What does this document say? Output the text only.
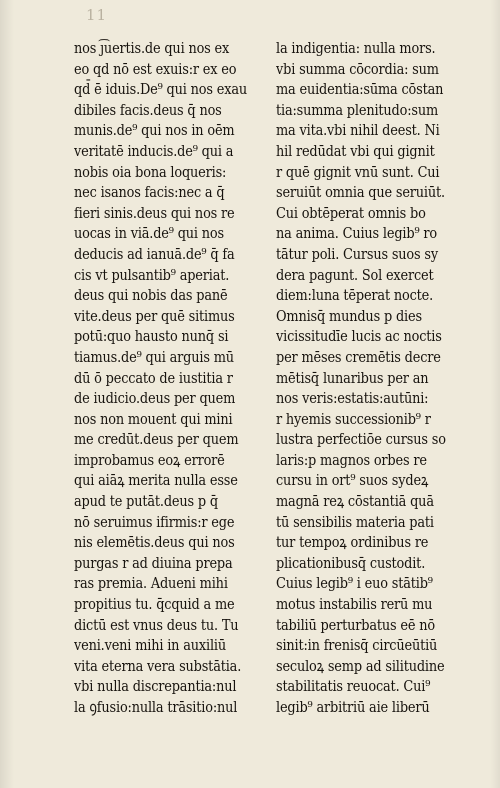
11
nos ȷ͡uertis.de qui nos ex
eo qd nō est exuis:r ex eo
qd̄ ē iduis.De⁹ qui nos exau
dibiles facis.deus q̄ nos
munis.de⁹ qui nos in oēm
veritatē inducis.de⁹ qui a
nobis oia bona loqueris:
nec isanos facis:nec a q̄
fieri sinis.deus qui nos re
uocas in viā.de⁹ qui nos
deducis ad ianuā.de⁹ q̄ fa
cis vt pulsantib⁹ aperiat.
deus qui nobis das panē
vite.deus per quē sitimus
potū:quo hausto nunq̄ si
tiamus.de⁹ qui arguis mū
dū ō peccato de iustitia r
de iudicio.deus per quem
nos non mouent qui mini
me credūt.deus per quem
improbamus eoꝝ errorē
qui aiāꝝ merita nulla esse
apud te putāt.deus p q̄
nō seruimus ifirmis:r ege
nis elemētis.deus qui nos
purgas r ad diuina prepa
ras premia. Adueni mihi
propitius tu. q̄cquid a me
dictū est vnus deus tu. Tu
veni.veni mihi in auxiliū
vita eterna vera substātia.
vbi nulla discrepantia:nul
la ꝯfusio:nulla trāsitio:nul
la indigentia: nulla mors.
vbi summa cōcordia: sum
ma euidentia:sūma cōstan
tia:summa plenitudo:sum
ma vita.vbi nihil deest. Ni
hil redūdat vbi qui gignit
r quē gignit vnū sunt. Cui
seruiūt omnia que seruiūt.
Cui obtēperat omnis bo
na anima. Cuius legib⁹ ro
tātur poli. Cursus suos sy
dera pagunt. Sol exercet
diem:luna tēperat nocte.
Omnisq̄ mundus p dies
vicissitudīe lucis ac noctis
per mēses cremētis decre
mētisq̄ lunaribus per an
nos veris:estatis:autūni:
r hyemis successionib⁹ r
lustra perfectiōe cursus so
laris:p magnos orbes re
cursu in ort⁹ suos sydeꝝ
magnā reꝝ cōstantiā quā
tū sensibilis materia pati
tur tempoꝝ ordinibus re
plicationibusq̄ custodit.
Cuius legib⁹ i euo stātib⁹
motus instabilis rerū mu
tabiliū perturbatus eē nō
sinit:in frenisq̄ circūeūtiū
seculoꝝ semp ad silitudine
stabilitatis reuocat. Cui⁹
legib⁹ arbitriū aie liberū
